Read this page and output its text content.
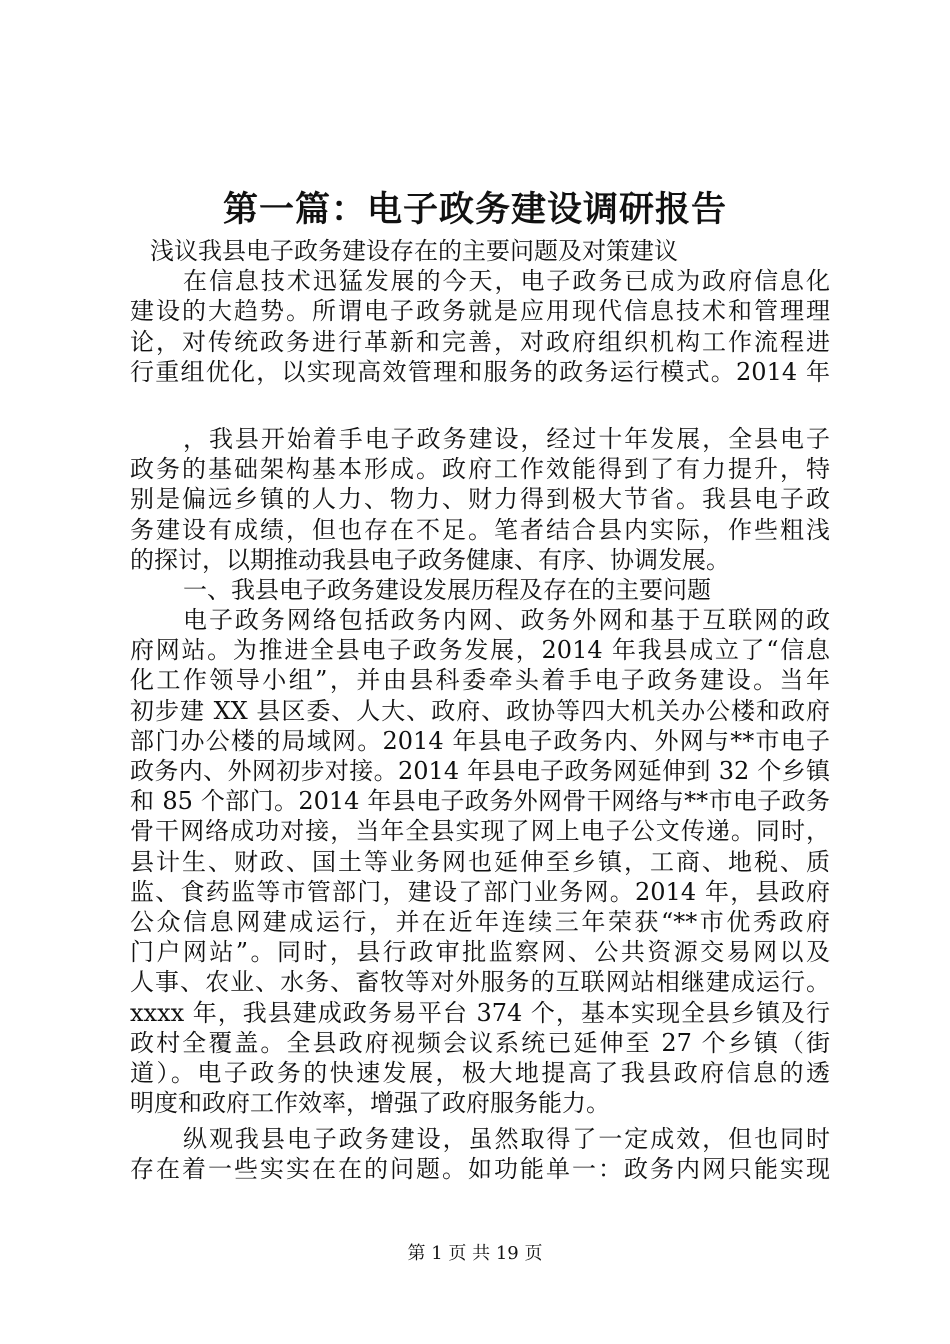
第一篇：电子政务建设调研报告
浅议我县电子政务建设存在的主要问题及对策建议
在信息技术迅猛发展的今天，电子政务已成为政府信息化
建设的大趋势。所谓电子政务就是应用现代信息技术和管理理
论，对传统政务进行革新和完善，对政府组织机构工作流程进
行重组优化，以实现高效管理和服务的政务运行模式。2014 年
，我县开始着手电子政务建设，经过十年发展，全县电子
政务的基础架构基本形成。政府工作效能得到了有力提升，特
别是偏远乡镇的人力、物力、财力得到极大节省。我县电子政
务建设有成绩，但也存在不足。笔者结合县内实际，作些粗浅
的探讨，以期推动我县电子政务健康、有序、协调发展。
一、我县电子政务建设发展历程及存在的主要问题
电子政务网络包括政务内网、政务外网和基于互联网的政
府网站。为推进全县电子政务发展，2014 年我县成立了“信息
化工作领导小组”，并由县科委牵头着手电子政务建设。当年
初步建 XX 县区委、人大、政府、政协等四大机关办公楼和政府
部门办公楼的局域网。2014 年县电子政务内、外网与**市电子
政务内、外网初步对接。2014 年县电子政务网延伸到 32 个乡镇
和 85 个部门。2014 年县电子政务外网骨干网络与**市电子政务
骨干网络成功对接，当年全县实现了网上电子公文传递。同时，
县计生、财政、国土等业务网也延伸至乡镇，工商、地税、质
监、食药监等市管部门，建设了部门业务网。2014 年，县政府
公众信息网建成运行，并在近年连续三年荣获“**市优秀政府
门户网站”。同时，县行政审批监察网、公共资源交易网以及
人事、农业、水务、畜牧等对外服务的互联网站相继建成运行。
xxxx 年，我县建成政务易平台 374 个，基本实现全县乡镇及行
政村全覆盖。全县政府视频会议系统已延伸至 27 个乡镇（街
道）。电子政务的快速发展，极大地提高了我县政府信息的透
明度和政府工作效率，增强了政府服务能力。
纵观我县电子政务建设，虽然取得了一定成效，但也同时
存在着一些实实在在的问题。如功能单一：政务内网只能实现
第 1 页 共 19 页
